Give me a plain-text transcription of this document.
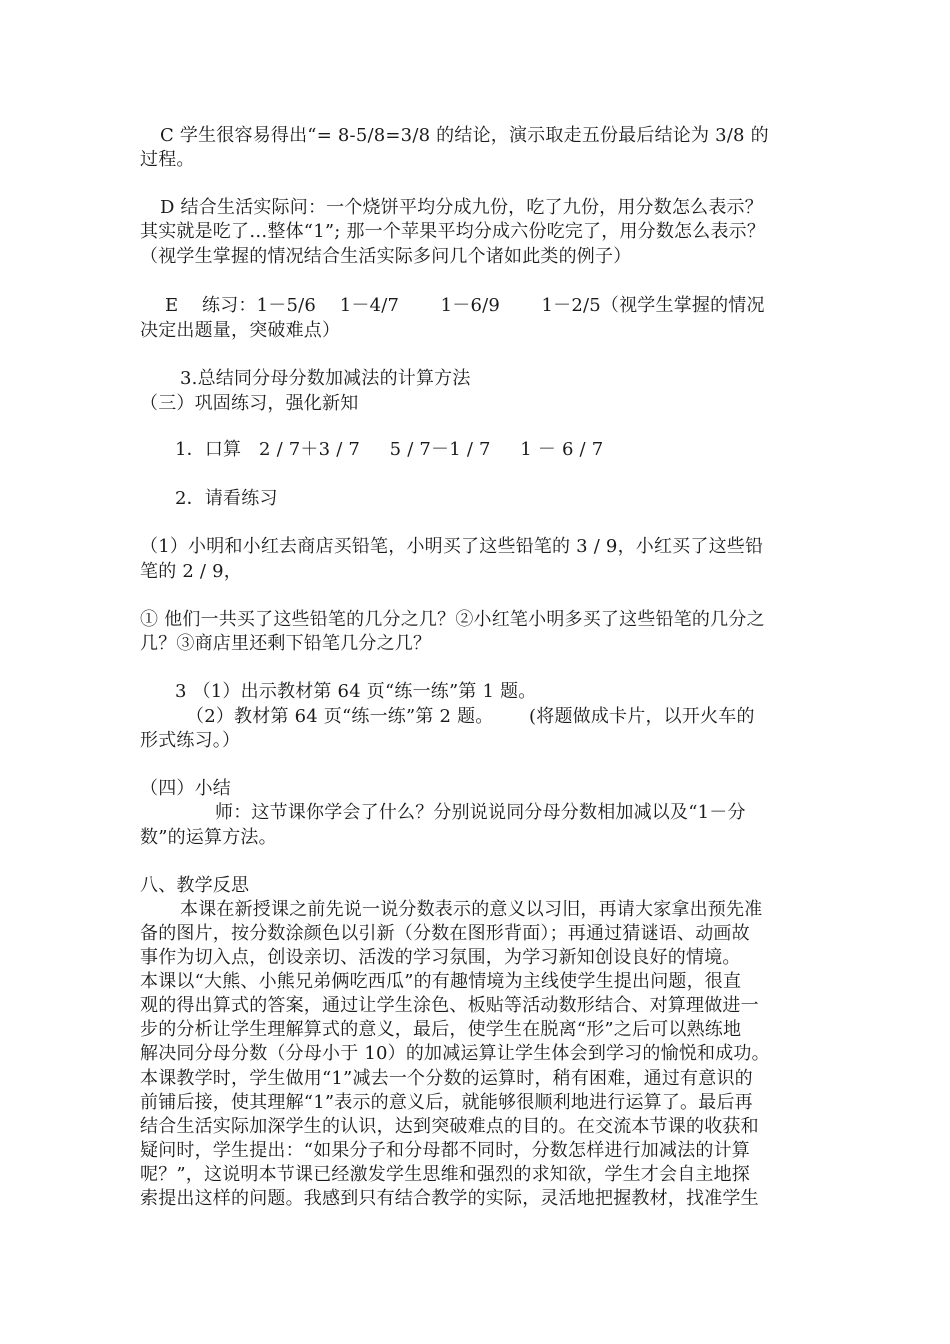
C 学生很容易得出“= 8-5/8=3/8 的结论，演示取走五份最后结论为 3/8 的
过程。
D 结合生活实际问：一个烧饼平均分成九份，吃了九份，用分数怎么表示？
其实就是吃了…整体“1”; 那一个苹果平均分成六份吃完了，用分数怎么表示？
（视学生掌握的情况结合生活实际多问几个诸如此类的例子）
E    练习：1－5/6    1－4/7       1－6/9       1－2/5（视学生掌握的情况
决定出题量，突破难点）
3.总结同分母分数加减法的计算方法
（三）巩固练习，强化新知
1．口算   2 / 7＋3 / 7     5 / 7－1 / 7     1 － 6 / 7
2．请看练习
（1）小明和小红去商店买铅笔，小明买了这些铅笔的 3 / 9，小红买了这些铅
笔的 2 / 9，
① 他们一共买了这些铅笔的几分之几？②小红笔小明多买了这些铅笔的几分之
几？③商店里还剩下铅笔几分之几？
3 （1）出示教材第 64 页“练一练”第 1 题。
（2）教材第 64 页“练一练”第 2 题。      (将题做成卡片，以开火车的
形式练习。）
（四）小结
师：这节课你学会了什么？分别说说同分母分数相加减以及“1－分
数”的运算方法。
八、教学反思
本课在新授课之前先说一说分数表示的意义以习旧，再请大家拿出预先准
备的图片，按分数涂颜色以引新（分数在图形背面）；再通过猜谜语、动画故
事作为切入点，创设亲切、活泼的学习氛围，为学习新知创设良好的情境。
本课以“大熊、小熊兄弟俩吃西瓜”的有趣情境为主线使学生提出问题，很直
观的得出算式的答案，通过让学生涂色、板贴等活动数形结合、对算理做进一
步的分析让学生理解算式的意义，最后，使学生在脱离“形”之后可以熟练地
解决同分母分数（分母小于 10）的加减运算让学生体会到学习的愉悦和成功。
本课教学时，学生做用“1”减去一个分数的运算时，稍有困难，通过有意识的
前铺后接，使其理解“1”表示的意义后，就能够很顺利地进行运算了。最后再
结合生活实际加深学生的认识，达到突破难点的目的。在交流本节课的收获和
疑问时，学生提出：“如果分子和分母都不同时，分数怎样进行加减法的计算
呢？”，这说明本节课已经激发学生思维和强烈的求知欲，学生才会自主地探
索提出这样的问题。我感到只有结合教学的实际，灵活地把握教材，找准学生
